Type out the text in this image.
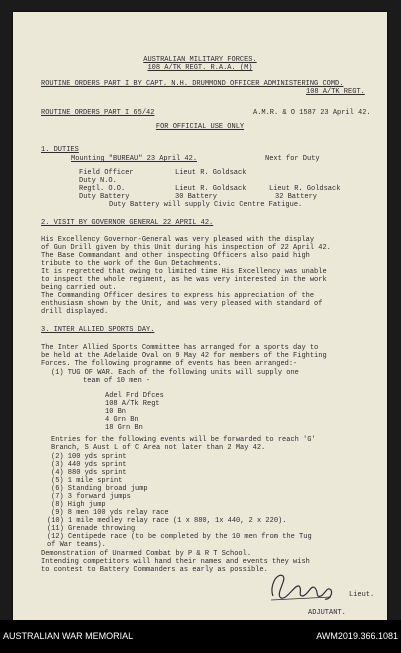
AUSTRALIAN MILITARY FORCES.
108 A/TK REGT. R.A.A. (M)
ROUTINE ORDERS PART I BY CAPT. N.H. DRUMMOND OFFICER ADMINISTERING COMD.
108 A/TK REGT.
ROUTINE ORDERS PART I 65/42	A.M.R. & O 1587 23 April 42.
FOR OFFICIAL USE ONLY
1. DUTIES
Mounting "BUREAU" 23 April 42.	Next for Duty
Field Officer	Lieut R. Goldsack
Duty N.O.
Regtl. O.O.	Lieut R. Goldsack	Lieut R. Goldsack
Duty Battery	30 Battery	32 Battery
Duty Battery will supply Civic Centre Fatigue.
2. VISIT BY GOVERNOR GENERAL 22 APRIL 42.
His Excellency Governor-General was very pleased with the display
of Gun Drill given by this Unit during his inspection of 22 April 42.
The Base Commandant and other inspecting Officers also paid high
tribute to the work of the Gun Detachments.
It is regretted that owing to limited time His Excellency was unable
to inspect the whole regiment, as he was very interested in the work
being carried out.
The Commanding Officer desires to express his appreciation of the
enthusiasm shown by the Unit, and was very pleased with standard of
drill displayed.
3. INTER ALLIED SPORTS DAY.
The Inter Allied Sports Committee has arranged for a sports day to
be held at the Adelaide Oval on 9 May 42 for members of the Fighting
Forces. The following programme of events has been arranged:-
(1) TUG OF WAR. Each of the following units will supply one
team of 10 men -
Adel Frd Dfces
108 A/Tk Regt
10 Bn
4 Grn Bn
18 Grn Bn
Entries for the following events will be forwarded to reach 'G'
Branch, S Aust L of C Area not later than 2 May 42.
(2) 100 yds sprint
(3) 440 yds sprint
(4) 880 yds sprint
(5) 1 mile sprint
(6) Standing broad jump
(7) 3 forward jumps
(8) High jump
(9) 8 men 100 yds relay race
(10) 1 mile medley relay race (1 x 880, 1x 440, 2 x 220).
(11) Grenade throwing
(12) Centipede race (to be completed by the 10 men from the Tug
of War teams).
Demonstration of Unarmed Combat by P & R T School.
Intending competitors will hand their names and events they wish
to contest to Battery Commanders as early as possible.
Lieut.
ADJUTANT.
AUSTRALIAN WAR MEMORIAL	AWM2019.366.1081
